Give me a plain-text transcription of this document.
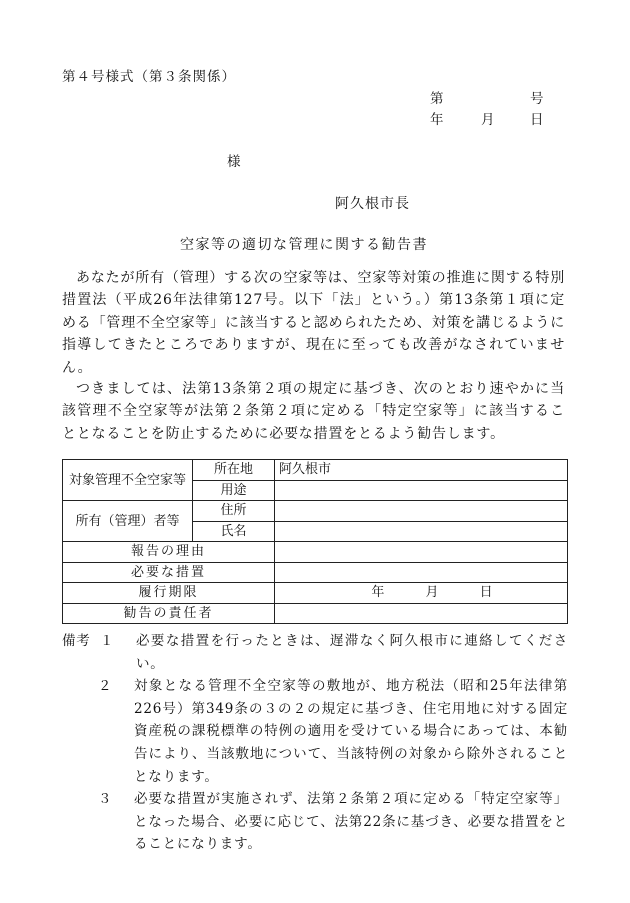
第４号様式（第３条関係）
第	号
年	月	日
様
阿久根市長
空家等の適切な管理に関する勧告書
あなたが所有（管理）する次の空家等は、空家等対策の推進に関する特別措置法（平成26年法律第127号。以下「法」という。）第13条第１項に定める「管理不全空家等」に該当すると認められたため、対策を講じるように指導してきたところでありますが、現在に至っても改善がなされていません。
つきましては、法第13条第２項の規定に基づき、次のとおり速やかに当該管理不全空家等が法第２条第２項に定める「特定空家等」に該当することとなることを防止するために必要な措置をとるよう勧告します。
対象管理不全空家等	所在地	阿久根市
	用途	
所有（管理）者等	住所	
	氏名	
報告の理由		
必要な措置		
履行期限		年 月 日
勧告の責任者		
備考 １ 必要な措置を行ったときは、遅滞なく阿久根市に連絡してください。
２	対象となる管理不全空家等の敷地が、地方税法（昭和25年法律第226号）第349条の３の２の規定に基づき、住宅用地に対する固定資産税の課税標準の特例の適用を受けている場合にあっては、本勧告により、当該敷地について、当該特例の対象から除外されることとなります。
３	必要な措置が実施されず、法第２条第２項に定める「特定空家等」となった場合、必要に応じて、法第22条に基づき、必要な措置をとることになります。
